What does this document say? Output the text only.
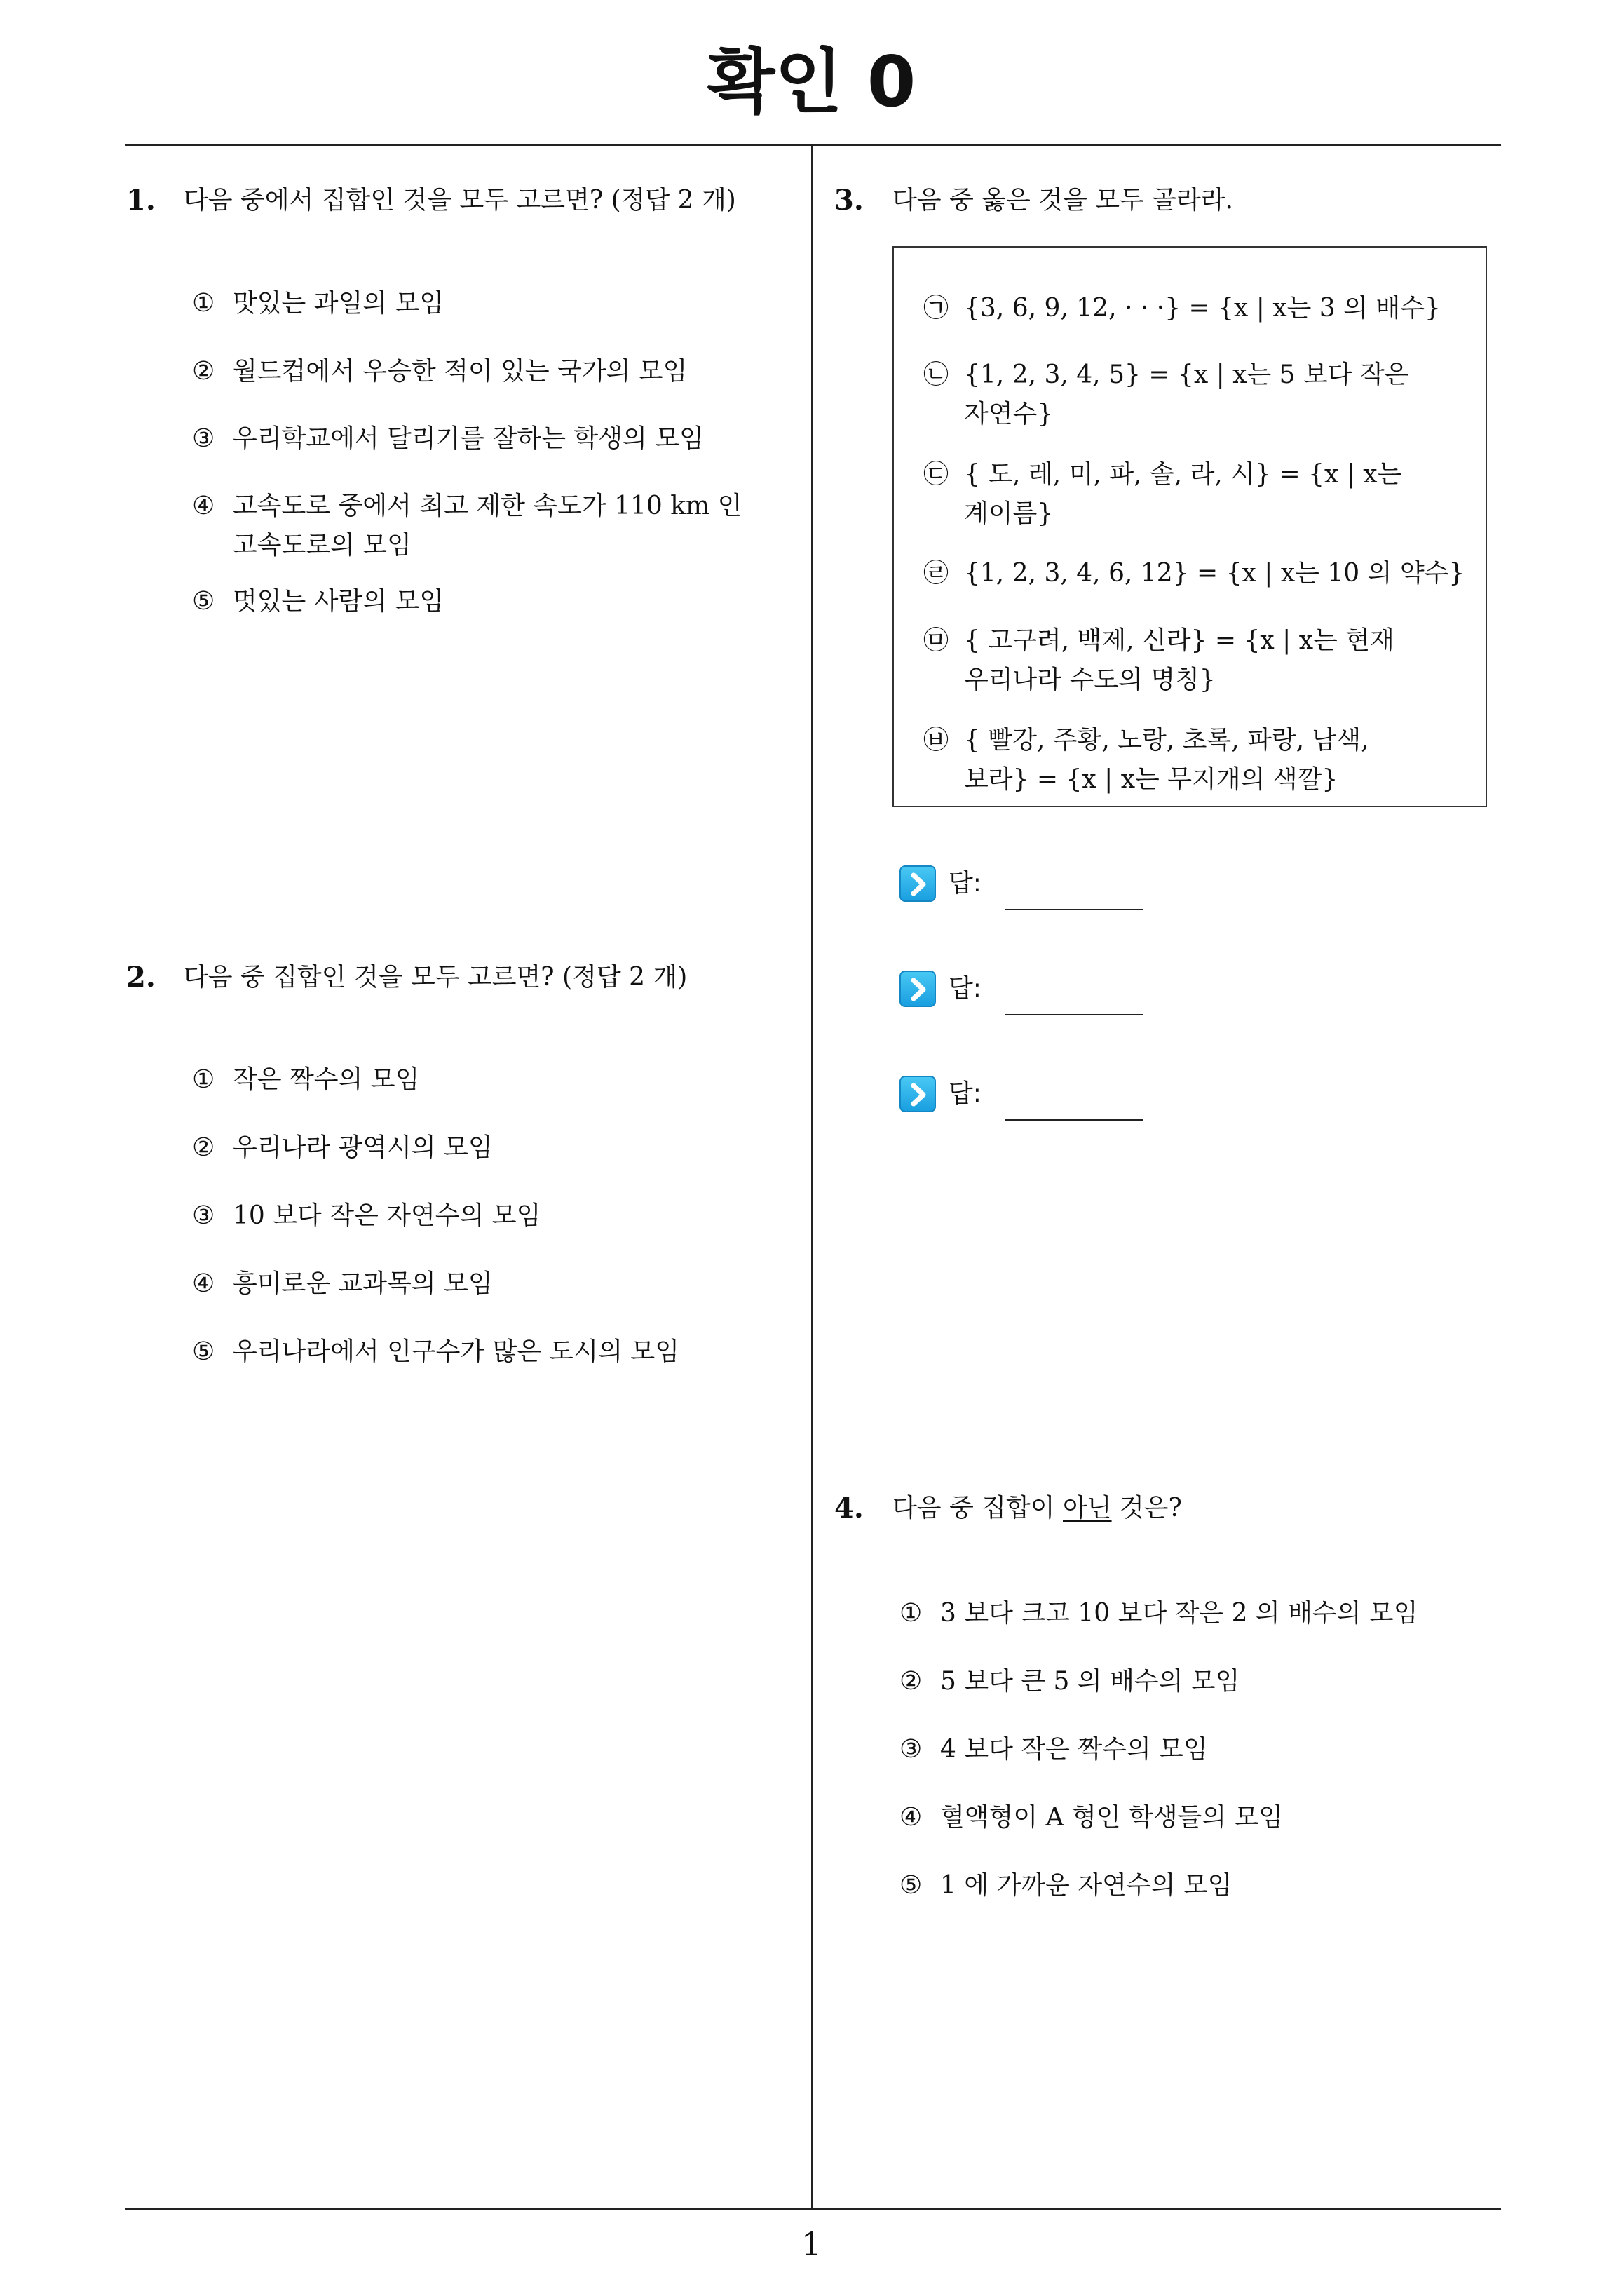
확인 0
1. 다음 중에서 집합인 것을 모두 고르면? (정답 2 개)
① 맛있는 과일의 모임
② 월드컵에서 우승한 적이 있는 국가의 모임
③ 우리학교에서 달리기를 잘하는 학생의 모임
④ 고속도로 중에서 최고 제한 속도가 110 km 인
고속도로의 모임
⑤ 멋있는 사람의 모임
2. 다음 중 집합인 것을 모두 고르면? (정답 2 개)
① 작은 짝수의 모임
② 우리나라 광역시의 모임
③ 10 보다 작은 자연수의 모임
④ 흥미로운 교과목의 모임
⑤ 우리나라에서 인구수가 많은 도시의 모임
3. 다음 중 옳은 것을 모두 골라라.
㉠ {3, 6, 9, 12, · · ·} = {x | x는 3 의 배수}
㉡ {1, 2, 3, 4, 5} = {x | x는 5 보다 작은
자연수}
㉢ { 도, 레, 미, 파, 솔, 라, 시} = {x | x는
계이름}
㉣ {1, 2, 3, 4, 6, 12} = {x | x는 10 의 약수}
㉤ { 고구려, 백제, 신라} = {x | x는 현재
우리나라 수도의 명칭}
㉥ { 빨강, 주황, 노랑, 초록, 파랑, 남색,
보라} = {x | x는 무지개의 색깔}
답:
답:
답:
4. 다음 중 집합이 아닌 것은?
① 3 보다 크고 10 보다 작은 2 의 배수의 모임
② 5 보다 큰 5 의 배수의 모임
③ 4 보다 작은 짝수의 모임
④ 혈액형이 A 형인 학생들의 모임
⑤ 1 에 가까운 자연수의 모임
1
